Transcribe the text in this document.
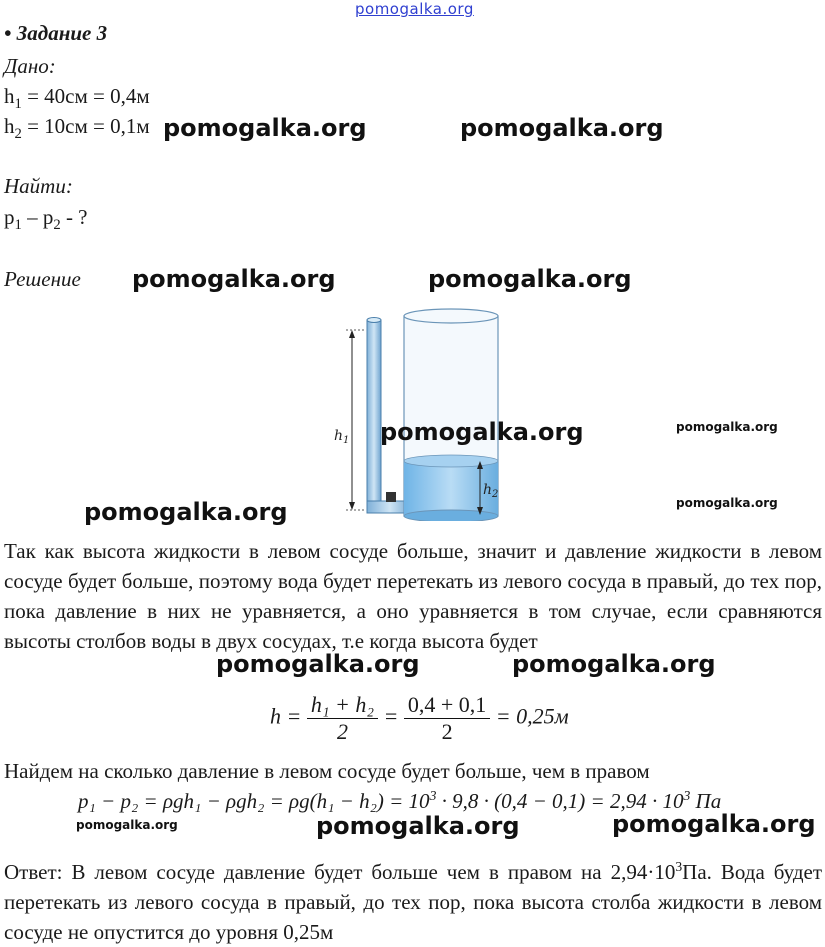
pomogalka.org
• Задание 3
Дано:
$h_1 = 40см = 0,4м$
$h_2 = 10см = 0,1м$
Найти:
$p_1 - p_2$ - ?
Решение
$h_1$
$h_2$
Так как высота жидкости в левом сосуде больше, значит и давление жидкости в левом сосуде будет больше, поэтому вода будет перетекать из левого сосуда в правый, до тех пор, пока давление в них не уравняется, а оно уравняется в том случае, если сравняются высоты столбов воды в двух сосудах, т.е когда высота будет
$h = \frac{\text{h₁ + h₂}}{2} = \frac{0,4 + 0,1}{2} = 0,25м$
Найдем на сколько давление в левом сосуде будет больше, чем в правом
$p_1 - p_2 = \rho gh_1 - \rho gh_2 = \rho g(h_1 - h_2) = 10^3 \cdot 9,8 \cdot (0,4 - 0,1) = 2,94 \cdot 10^3$ Па
Ответ: В левом сосуде давление будет больше чем в правом на $2,94\cdot 10^3Па$. Вода будет перетекать из левого сосуда в правый, до тех пор, пока высота столба жидкости в левом сосуде не опустится до уровня 0,25м
pomogalka.org	pomogalka.org
pomogalka.org	pomogalka.org
pomogalka.org	pomogalka.org
pomogalka.org	pomogalka.org
pomogalka.org	pomogalka.org
pomogalka.org	pomogalka.org	pomogalka.org
